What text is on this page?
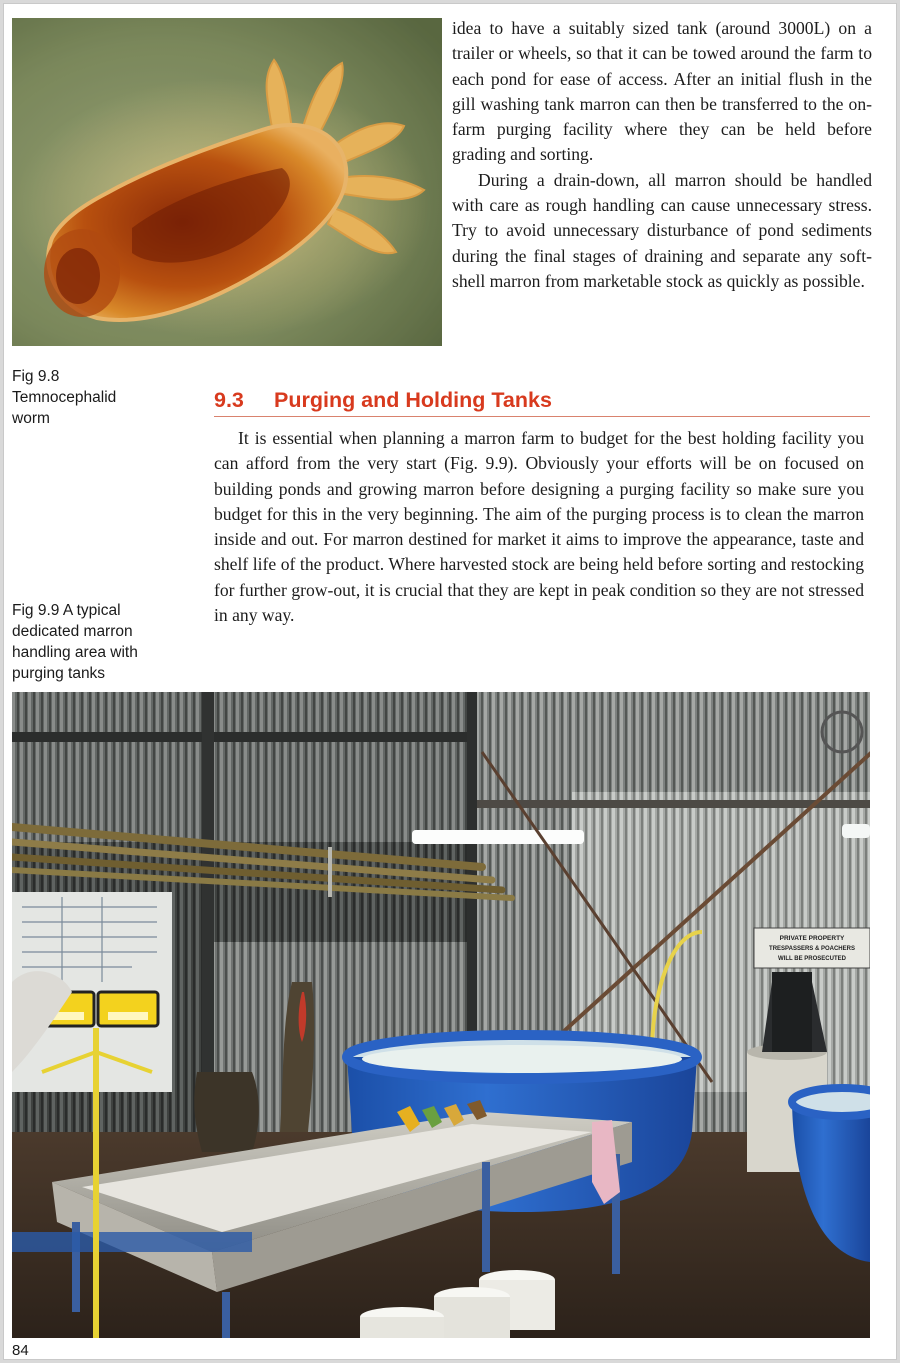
Fig 9.8
Temnocephalid
worm

idea to have a suitably sized tank (around 3000L) on a trailer or wheels, so that it can be towed around the farm to each pond for ease of access. After an initial flush in the gill washing tank marron can then be transferred to the on-farm purging facility where they can be held before grading and sorting.

During a drain-down, all marron should be handled with care as rough handling can cause unnecessary stress. Try to avoid unnecessary disturbance of pond sediments during the final stages of draining and separate any soft-shell marron from marketable stock as quickly as possible.

9.3 Purging and Holding Tanks

It is essential when planning a marron farm to budget for the best holding facility you can afford from the very start (Fig. 9.9). Obviously your efforts will be on focused on building ponds and growing marron before designing a purging facility so make sure you budget for this in the very beginning. The aim of the purging process is to clean the marron inside and out. For marron destined for market it aims to improve the appearance, taste and shelf life of the product. Where harvested stock are being held before sorting and restocking for further grow-out, it is crucial that they are kept in peak condition so they are not stressed in any way.

Fig 9.9 A typical
dedicated marron
handling area with
purging tanks
PRIVATE PROPERTY
TRESPASSERS & POACHERS
WILL BE PROSECUTED
84
